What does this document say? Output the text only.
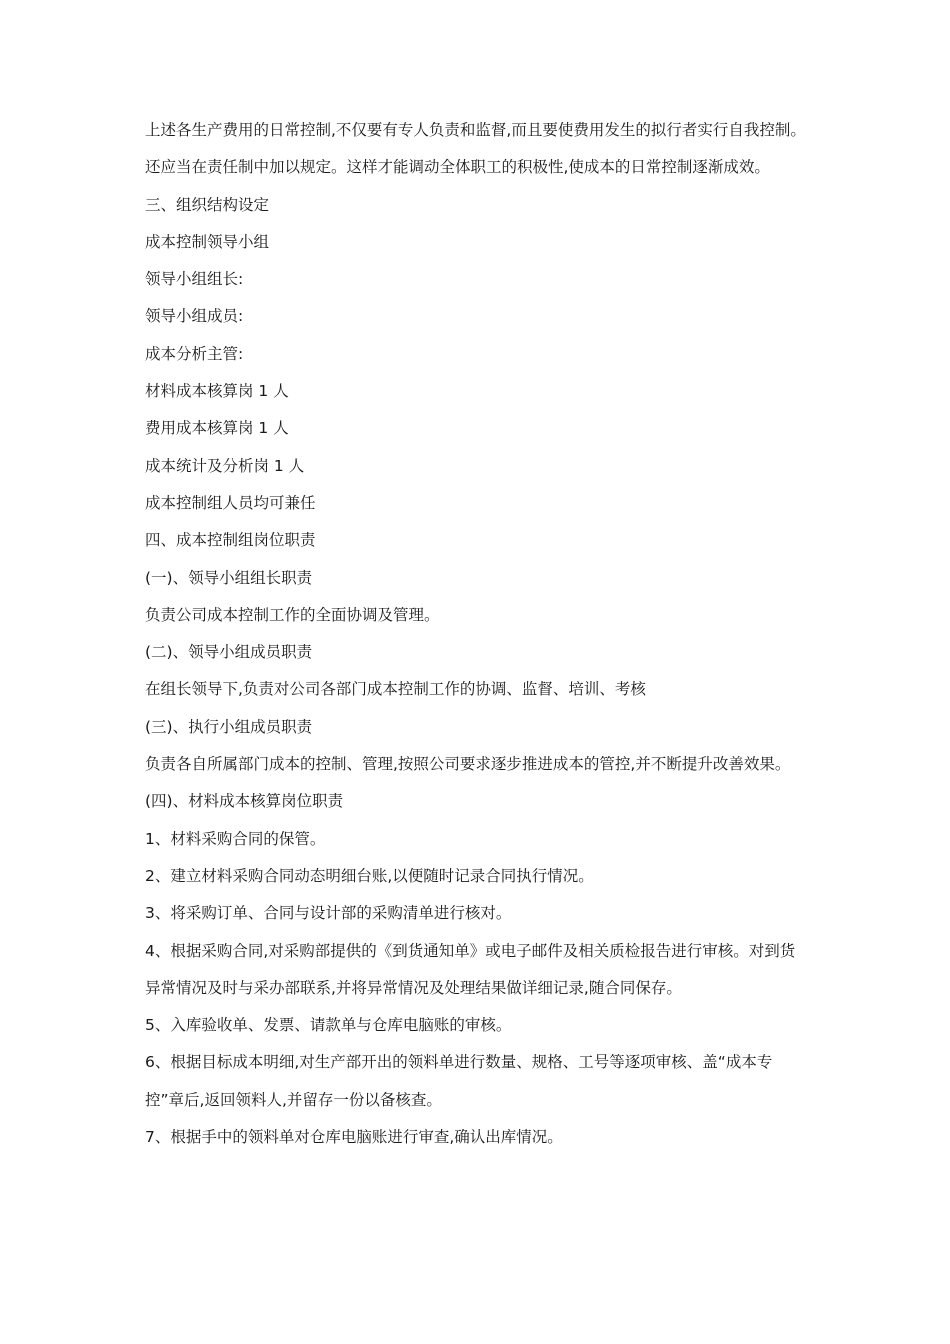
上述各生产费用的日常控制,不仅要有专人负责和监督,而且要使费用发生的拟行者实行自我控制。还应当在责任制中加以规定。这样才能调动全体职工的积极性,使成本的日常控制逐渐成效。

三、组织结构设定

成本控制领导小组

领导小组组长:

领导小组成员:

成本分析主管:

材料成本核算岗 1 人

费用成本核算岗 1 人

成本统计及分析岗 1 人

成本控制组人员均可兼任

四、成本控制组岗位职责

(一)、领导小组组长职责

负责公司成本控制工作的全面协调及管理。

(二)、领导小组成员职责

在组长领导下,负责对公司各部门成本控制工作的协调、监督、培训、考核

(三)、执行小组成员职责

负责各自所属部门成本的控制、管理,按照公司要求逐步推进成本的管控,并不断提升改善效果。

(四)、材料成本核算岗位职责

1、材料采购合同的保管。

2、建立材料采购合同动态明细台账,以便随时记录合同执行情况。

3、将采购订单、合同与设计部的采购清单进行核对。

4、根据采购合同,对采购部提供的《到货通知单》或电子邮件及相关质检报告进行审核。对到货异常情况及时与采办部联系,并将异常情况及处理结果做详细记录,随合同保存。

5、入库验收单、发票、请款单与仓库电脑账的审核。

6、根据目标成本明细,对生产部开出的领料单进行数量、规格、工号等逐项审核、盖“成本专控”章后,返回领料人,并留存一份以备核查。

7、根据手中的领料单对仓库电脑账进行审查,确认出库情况。
